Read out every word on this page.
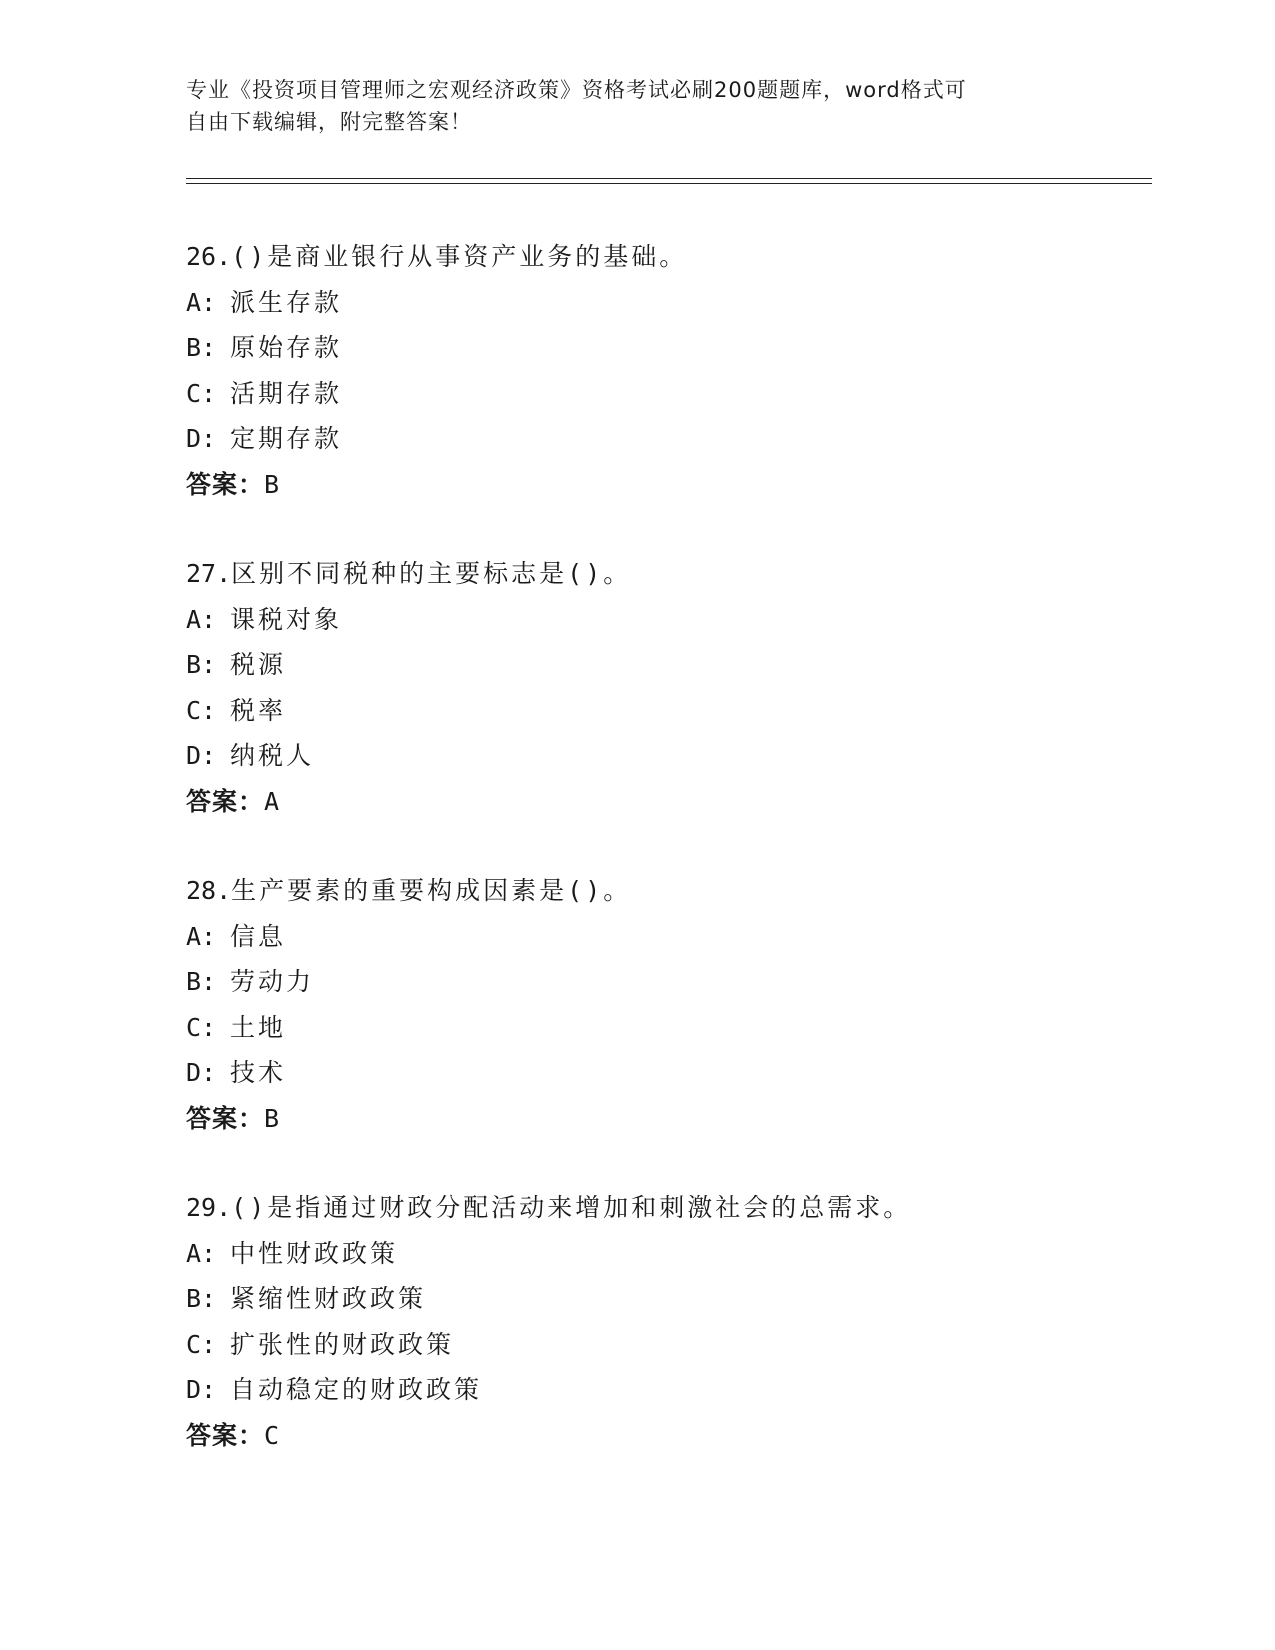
专业《投资项目管理师之宏观经济政策》资格考试必刷200题题库，word格式可
自由下载编辑，附完整答案！
26.()是商业银行从事资产业务的基础。
A: 派生存款
B: 原始存款
C: 活期存款
D: 定期存款
答案：B
27.区别不同税种的主要标志是()。
A: 课税对象
B: 税源
C: 税率
D: 纳税人
答案：A
28.生产要素的重要构成因素是()。
A: 信息
B: 劳动力
C: 土地
D: 技术
答案：B
29.()是指通过财政分配活动来增加和刺激社会的总需求。
A: 中性财政政策
B: 紧缩性财政政策
C: 扩张性的财政政策
D: 自动稳定的财政政策
答案：C
